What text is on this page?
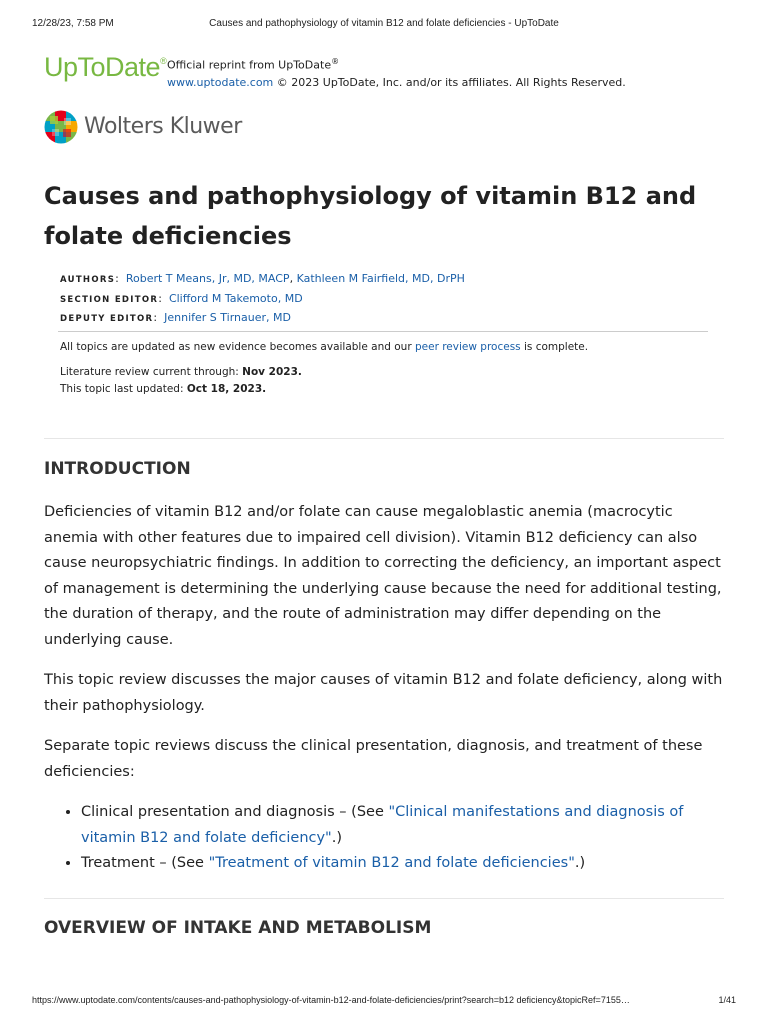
12/28/23, 7:58 PM	Causes and pathophysiology of vitamin B12 and folate deficiencies - UpToDate
UpToDate® Official reprint from UpToDate®
www.uptodate.com © 2023 UpToDate, Inc. and/or its affiliates. All Rights Reserved.
Wolters Kluwer
Causes and pathophysiology of vitamin B12 and folate deficiencies
AUTHORS:  Robert T Means, Jr, MD, MACP, Kathleen M Fairfield, MD, DrPH
SECTION EDITOR:  Clifford M Takemoto, MD
DEPUTY EDITOR:  Jennifer S Tirnauer, MD

All topics are updated as new evidence becomes available and our peer review process is complete.

Literature review current through: Nov 2023.

This topic last updated: Oct 18, 2023.

INTRODUCTION

Deficiencies of vitamin B12 and/or folate can cause megaloblastic anemia (macrocytic anemia with other features due to impaired cell division). Vitamin B12 deficiency can also cause neuropsychiatric findings. In addition to correcting the deficiency, an important aspect of management is determining the underlying cause because the need for additional testing, the duration of therapy, and the route of administration may differ depending on the underlying cause.

This topic review discusses the major causes of vitamin B12 and folate deficiency, along with their pathophysiology.

Separate topic reviews discuss the clinical presentation, diagnosis, and treatment of these deficiencies:

• Clinical presentation and diagnosis – (See "Clinical manifestations and diagnosis of vitamin B12 and folate deficiency".)
• Treatment – (See "Treatment of vitamin B12 and folate deficiencies".)
OVERVIEW OF INTAKE AND METABOLISM
https://www.uptodate.com/contents/causes-and-pathophysiology-of-vitamin-b12-and-folate-deficiencies/print?search=b12 deficiency&topicRef=7155…	1/41
